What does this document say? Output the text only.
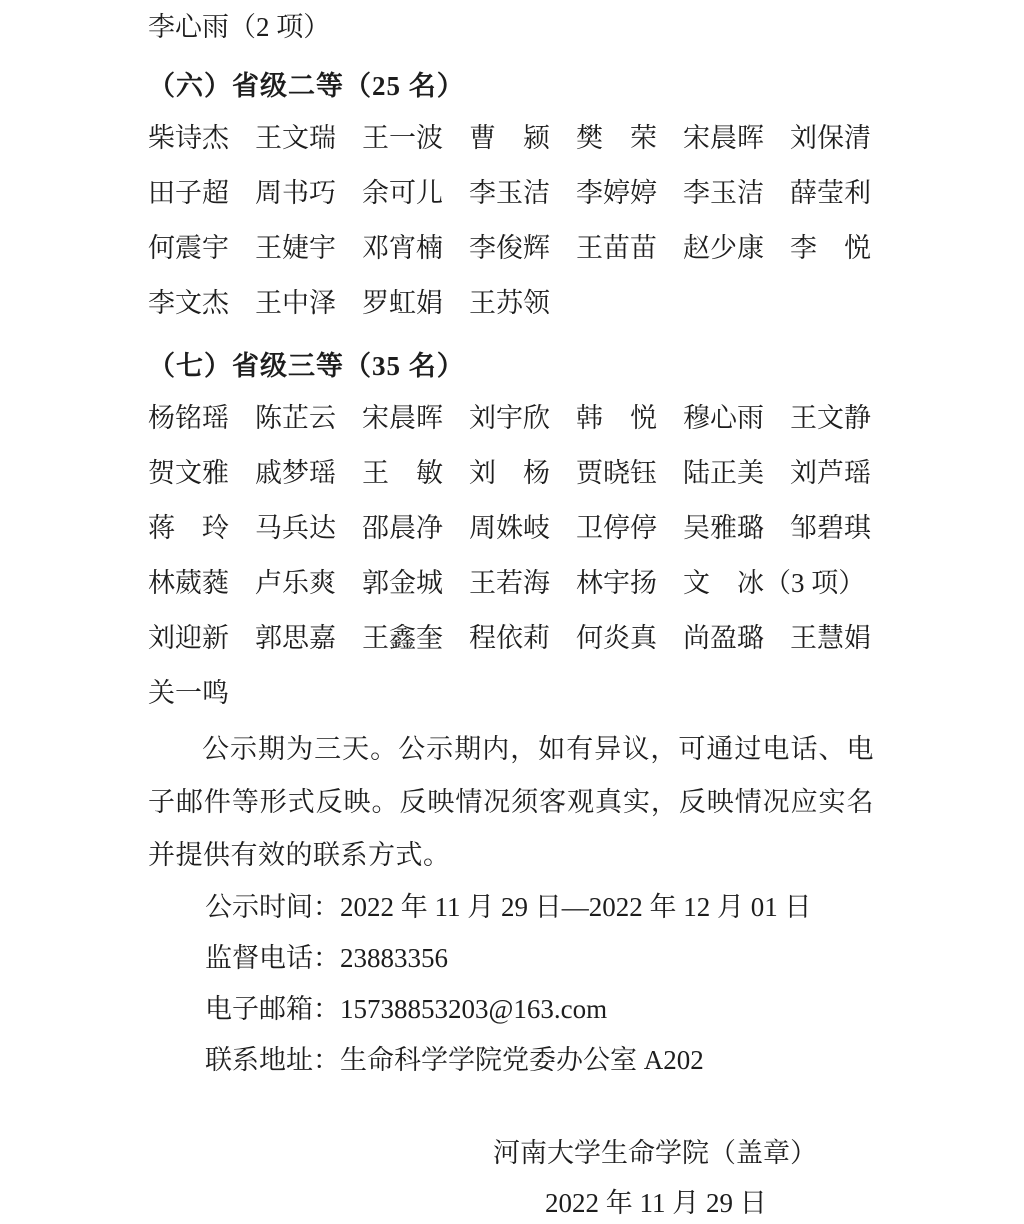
李心雨（2 项）
（六）省级二等（25 名）
柴诗杰 王文瑞 王一波 曹　颍 樊　荣 宋晨晖 刘保清
田子超 周书巧 余可儿 李玉洁 李婷婷 李玉洁 薛莹利
何震宇 王婕宇 邓宵楠 李俊辉 王苗苗 赵少康 李　悦
李文杰 王中泽 罗虹娟 王苏领
（七）省级三等（35 名）
杨铭瑶 陈芷云 宋晨晖 刘宇欣 韩　悦 穆心雨 王文静
贺文雅 戚梦瑶 王　敏 刘　杨 贾晓钰 陆正美 刘芦瑶
蒋　玲 马兵达 邵晨净 周姝岐 卫停停 吴雅璐 邹碧琪
林葳蕤 卢乐爽 郭金城 王若海 林宇扬 文　冰（3 项）
刘迎新 郭思嘉 王鑫奎 程依莉 何炎真 尚盈璐 王慧娟
关一鸣

公示期为三天。公示期内，如有异议，可通过电话、电子邮件等形式反映。反映情况须客观真实，反映情况应实名并提供有效的联系方式。

公示时间：2022 年 11 月 29 日—2022 年 12 月 01 日
监督电话：23883356
电子邮箱：15738853203@163.com
联系地址：生命科学学院党委办公室 A202
河南大学生命学院（盖章）
2022 年 11 月 29 日
